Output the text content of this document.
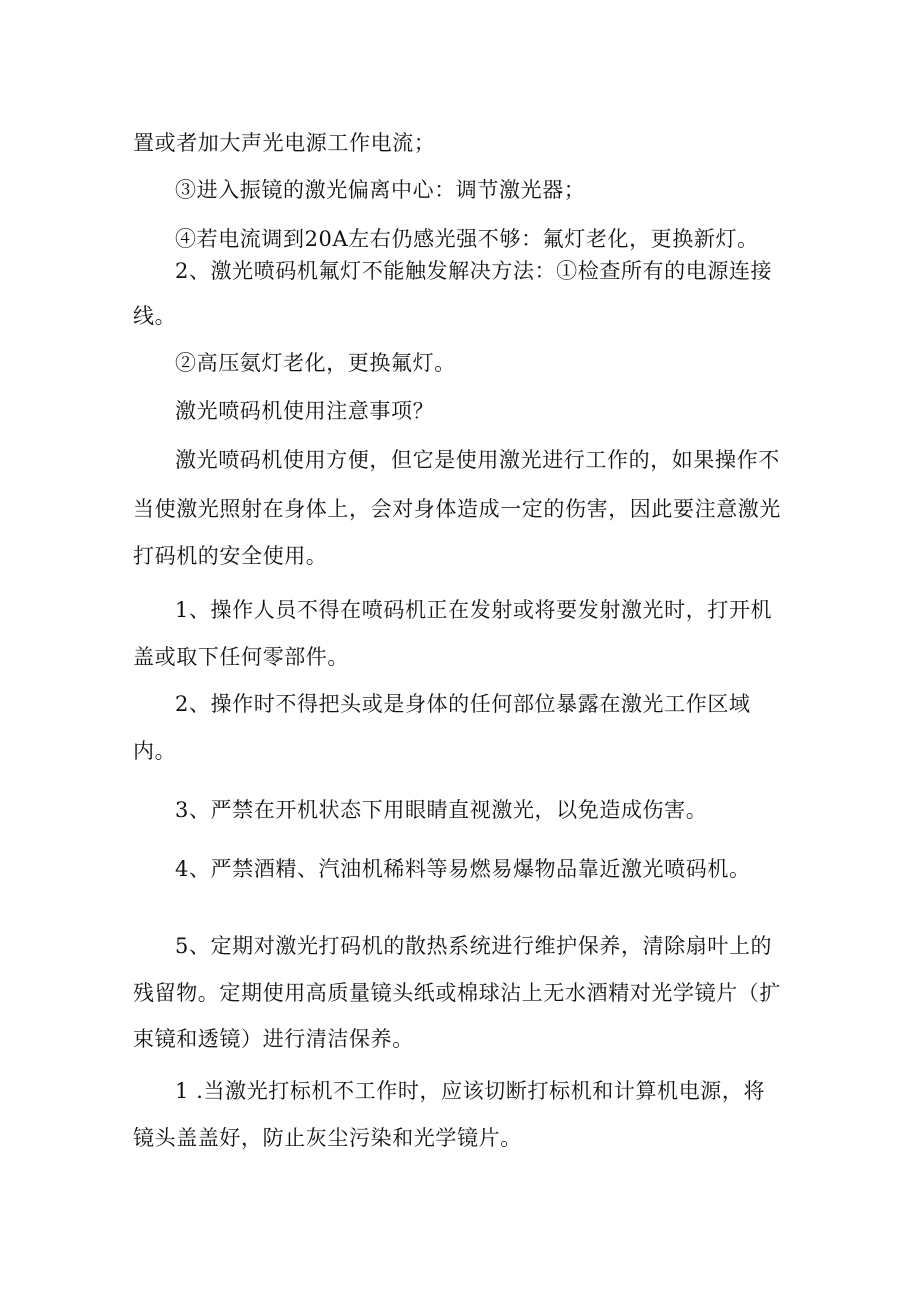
置或者加大声光电源工作电流；

③进入振镜的激光偏离中心：调节激光器；

④若电流调到20A左右仍感光强不够：氟灯老化，更换新灯。

2、激光喷码机氟灯不能触发解决方法：①检查所有的电源连接

线。

②高压氨灯老化，更换氟灯。

激光喷码机使用注意事项？

激光喷码机使用方便，但它是使用激光进行工作的，如果操作不

当使激光照射在身体上，会对身体造成一定的伤害，因此要注意激光

打码机的安全使用。

1、操作人员不得在喷码机正在发射或将要发射激光时，打开机

盖或取下任何零部件。

2、操作时不得把头或是身体的任何部位暴露在激光工作区域

内。

3、严禁在开机状态下用眼睛直视激光，以免造成伤害。

4、严禁酒精、汽油机稀料等易燃易爆物品靠近激光喷码机。

5、定期对激光打码机的散热系统进行维护保养，清除扇叶上的

残留物。定期使用高质量镜头纸或棉球沾上无水酒精对光学镜片（扩

束镜和透镜）进行清洁保养。

1 .当激光打标机不工作时，应该切断打标机和计算机电源，将

镜头盖盖好，防止灰尘污染和光学镜片。
